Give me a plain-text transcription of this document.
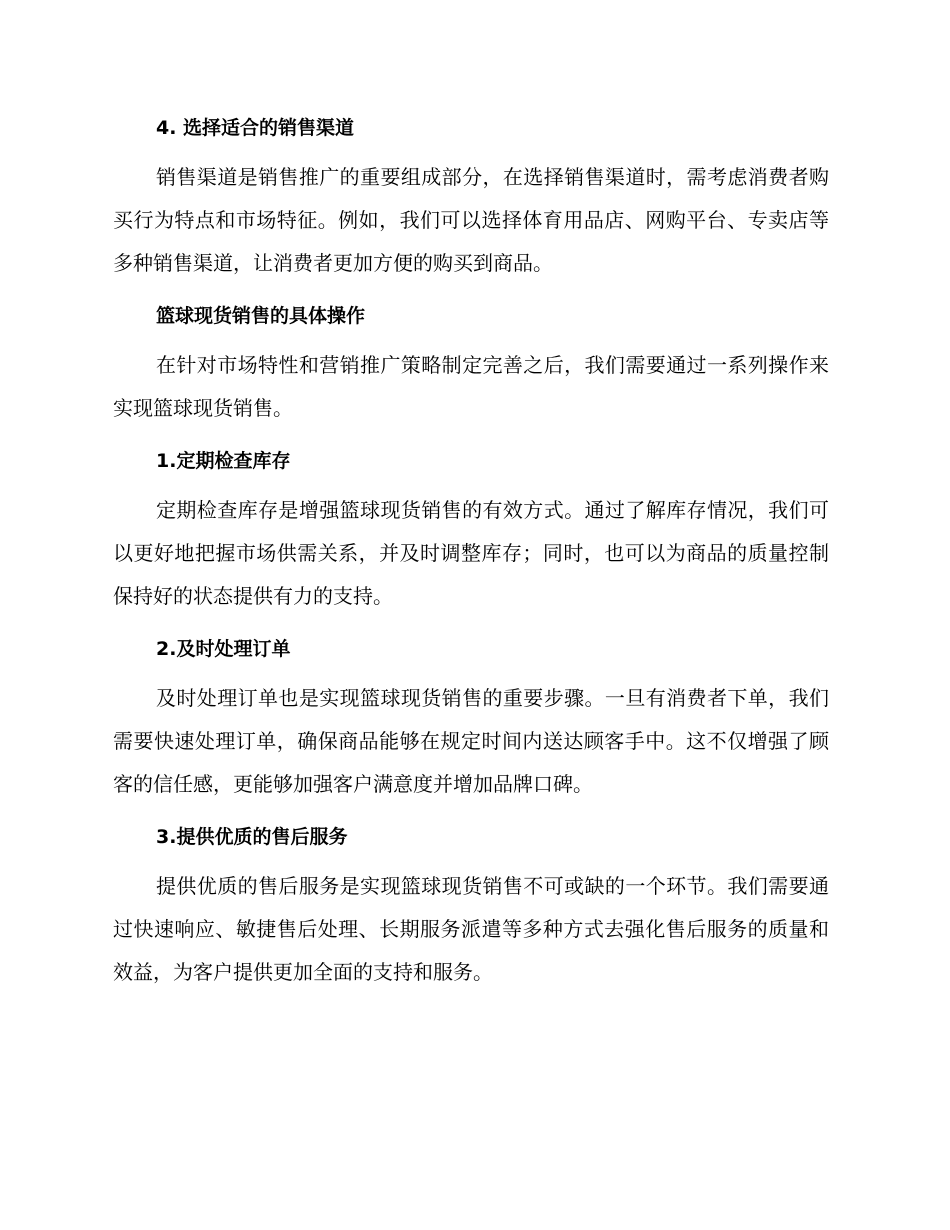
4. 选择适合的销售渠道

销售渠道是销售推广的重要组成部分，在选择销售渠道时，需考虑消费者购买行为特点和市场特征。例如，我们可以选择体育用品店、网购平台、专卖店等多种销售渠道，让消费者更加方便的购买到商品。

篮球现货销售的具体操作

在针对市场特性和营销推广策略制定完善之后，我们需要通过一系列操作来实现篮球现货销售。

1.定期检查库存

定期检查库存是增强篮球现货销售的有效方式。通过了解库存情况，我们可以更好地把握市场供需关系，并及时调整库存；同时，也可以为商品的质量控制保持好的状态提供有力的支持。

2.及时处理订单

及时处理订单也是实现篮球现货销售的重要步骤。一旦有消费者下单，我们需要快速处理订单，确保商品能够在规定时间内送达顾客手中。这不仅增强了顾客的信任感，更能够加强客户满意度并增加品牌口碑。

3.提供优质的售后服务

提供优质的售后服务是实现篮球现货销售不可或缺的一个环节。我们需要通过快速响应、敏捷售后处理、长期服务派遣等多种方式去强化售后服务的质量和效益，为客户提供更加全面的支持和服务。
